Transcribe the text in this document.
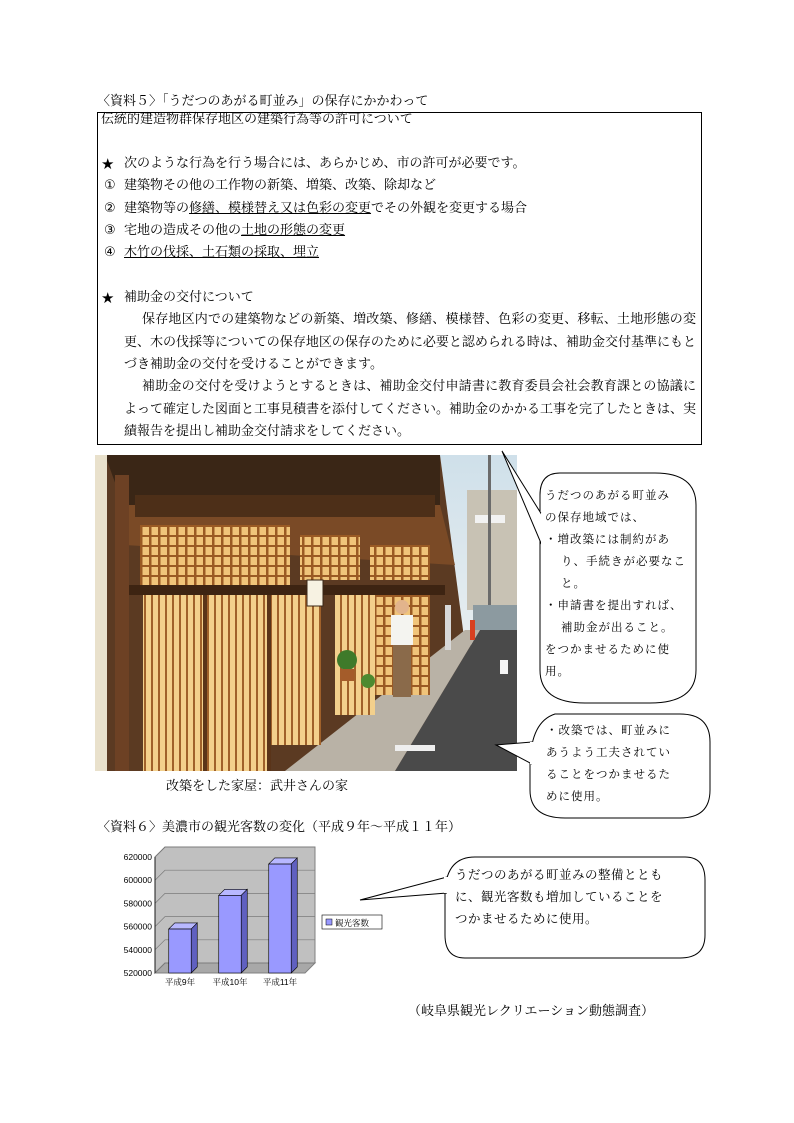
〈資料５〉「うだつのあがる町並み」の保存にかかわって
伝統的建造物群保存地区の建築行為等の許可について
★ 次のような行為を行う場合には、あらかじめ、市の許可が必要です。
① 建築物その他の工作物の新築、増築、改築、除却など
② 建築物等の修繕、模様替え又は色彩の変更でその外観を変更する場合
③ 宅地の造成その他の土地の形態の変更
④ 木竹の伐採、土石類の採取、埋立
★ 補助金の交付について
保存地区内での建築物などの新築、増改築、修繕、模様替、色彩の変更、移転、土地形態の変更、木の伐採等についての保存地区の保存のために必要と認められる時は、補助金交付基準にもとづき補助金の交付を受けることができます。
補助金の交付を受けようとするときは、補助金交付申請書に教育委員会社会教育課との協議によって確定した図面と工事見積書を添付してください。補助金のかかる工事を完了したときは、実績報告を提出し補助金交付請求をしてください。
改築をした家屋：武井さんの家
うだつのあがる町並み
の保存地域では、
・増改築には制約があ
り、手続きが必要なこ
と。
・申請書を提出すれば、
補助金が出ること。
をつかませるために使
用。
・改築では、町並みに
あうよう工夫されてい
ることをつかませるた
めに使用。
〈資料６〉美濃市の観光客数の変化（平成９年～平成１１年）
620000
600000
580000
560000
540000
520000
平成9年 平成10年 平成11年
観光客数
うだつのあがる町並みの整備ととも
に、観光客数も増加していることを
つかませるために使用。
（岐阜県観光レクリエーション動態調査）
